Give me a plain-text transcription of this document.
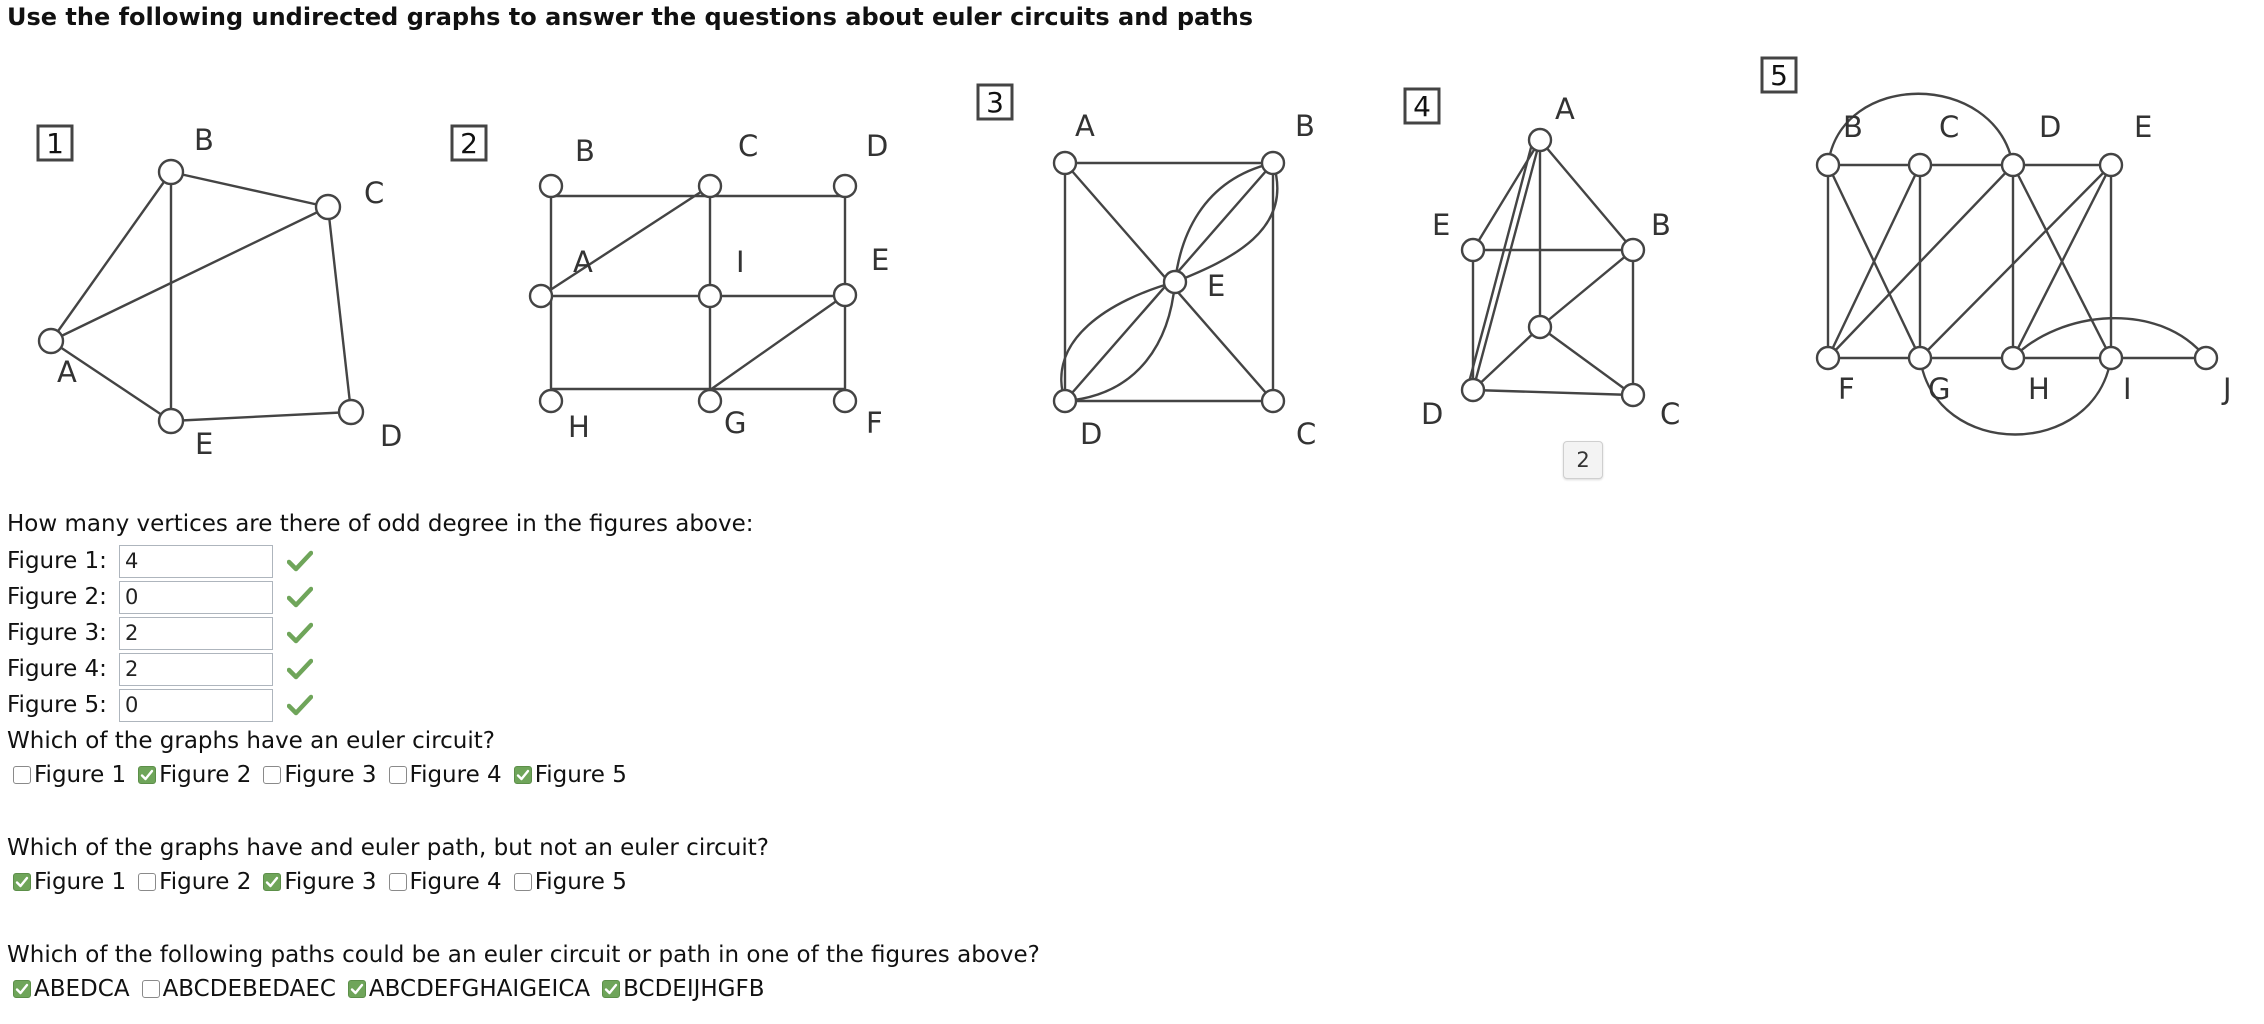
Use the following undirected graphs to answer the questions about euler circuits and paths
1	2
3	4
5
A
B
C
D
E
B	C	D
A	I	E
H	G	F
A	B
C
D
E
A
B
C
D
E
B	C	D	E
F	G	H	I	J
2
How many vertices are there of odd degree in the figures above:
Figure 1:
4
Figure 2:
0
Figure 3:
2
Figure 4:
2
Figure 5:
0
Which of the graphs have an euler circuit?
Figure 1 Figure 2 Figure 3 Figure 4 Figure 5
Which of the graphs have and euler path, but not an euler circuit?
Figure 1 Figure 2 Figure 3 Figure 4 Figure 5
Which of the following paths could be an euler circuit or path in one of the figures above?
ABEDCA ABCDEBEDAEC ABCDEFGHAIGEICA BCDEIJHGFB
